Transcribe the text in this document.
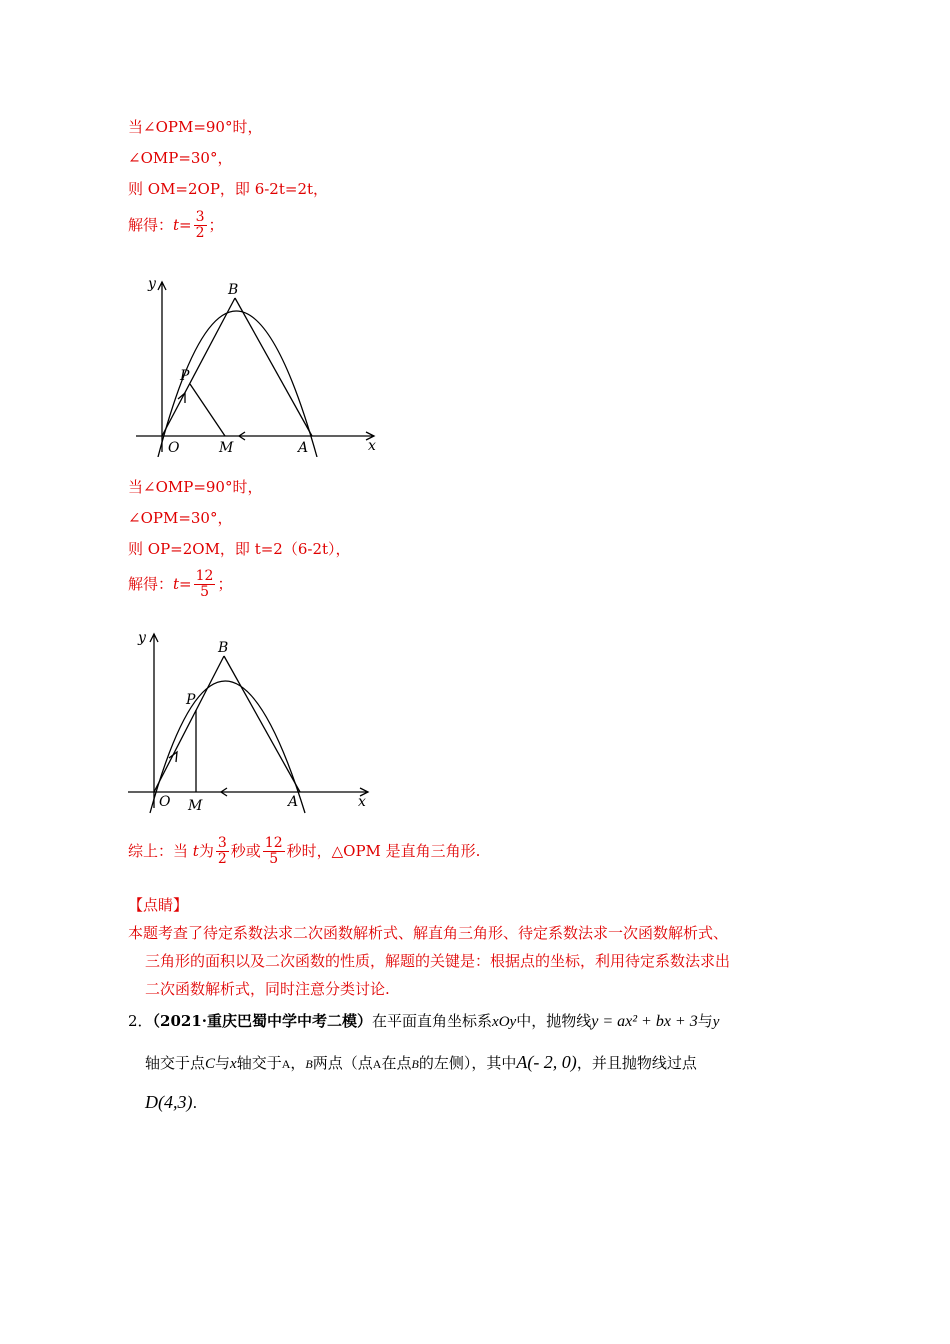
当∠OPM=90°时，
∠OMP=30°，
则 OM=2OP，即 6-2t=2t，
解得：$t= \frac{3}{2}$ ；
y	B
P
O	M	A	x
当∠OMP=90°时，
∠OPM=30°，
则 OP=2OM，即 t=2（6-2t），
解得：$t= \frac{12}{5}$ ；
y
B
P
O M	A	x
综上：当 t为 $\frac{3}{2}$ 秒或 $\frac{12}{5}$ 秒时，△OPM 是直角三角形.
【点睛】
本题考查了待定系数法求二次函数解析式、解直角三角形、待定系数法求一次函数解析式、
三角形的面积以及二次函数的性质，解题的关键是：根据点的坐标，利用待定系数法求出
二次函数解析式，同时注意分类讨论.
2．（2021·重庆巴蜀中学中考二模）在平面直角坐标系xOy中，抛物线y = ax² + bx + 3与y
轴交于点C与x轴交于A，B两点（点A在点B的左侧），其中A(- 2, 0)，并且抛物线过点
D(4,3).
